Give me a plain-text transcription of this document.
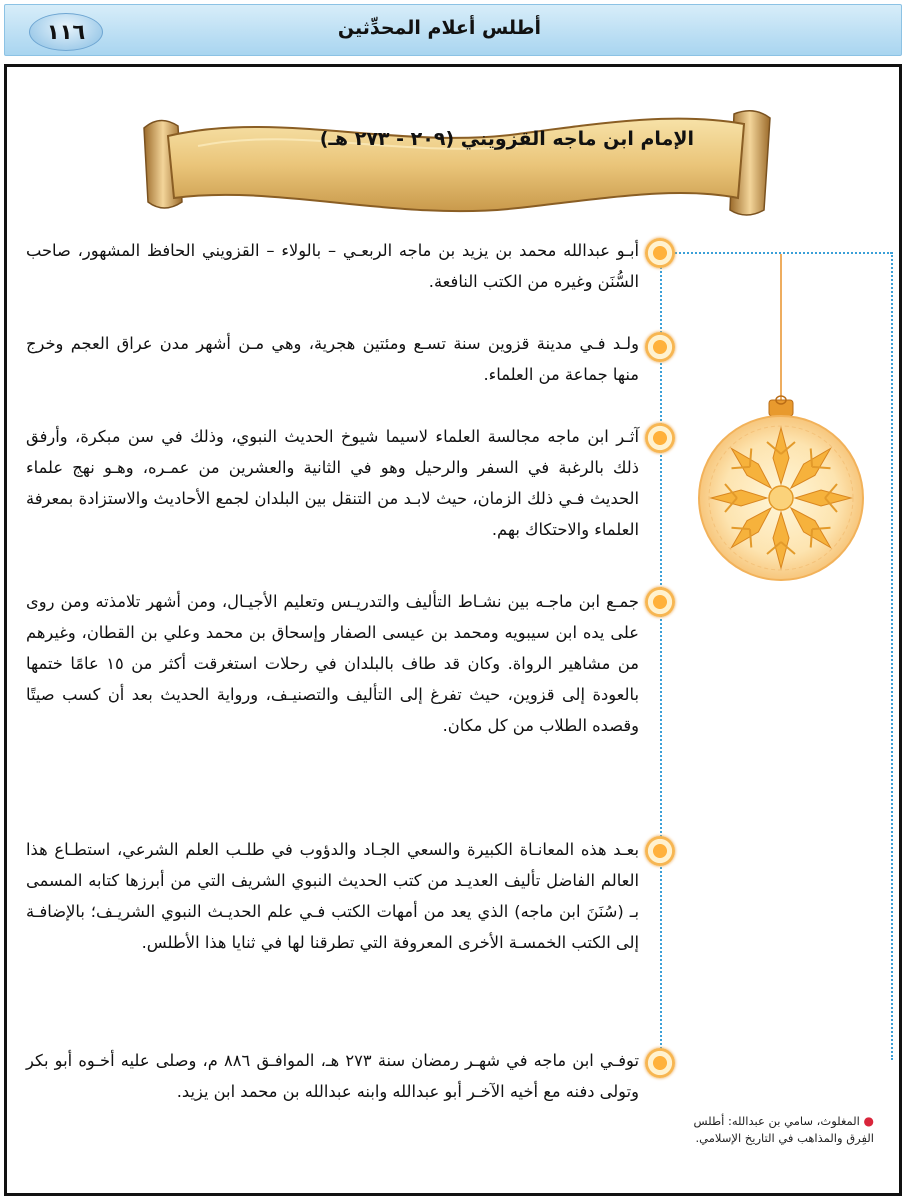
أطلس أعلام المحدِّثين
١١٦
الإمام ابن ماجه القزويني (٢٠٩ - ٢٧٣ هـ)
أبـو عبدالله محمد بن يزيد بن ماجه الربعـي – بالولاء – القزويني الحافظ المشهور، صاحب السُّنَن وغيره من الكتب النافعة.
ولـد فـي مدينة قزوين سنة تسـع ومئتين هجرية، وهي مـن أشهر مدن عراق العجم وخرج منها جماعة من العلماء.
آثـر ابن ماجه مجالسة العلماء لاسيما شيوخ الحديث النبوي، وذلك في سن مبكرة، وأرفق ذلك بالرغبة في السفر والرحيل وهو في الثانية والعشرين من عمـره، وهـو نهج علماء الحديث فـي ذلك الزمان، حيث لابـد من التنقل بين البلدان لجمع الأحاديث والاستزادة بمعرفة العلماء والاحتكاك بهم.
جمـع ابن ماجـه بين نشـاط التأليف والتدريـس وتعليم الأجيـال، ومن أشهر تلامذته ومن روى على يده ابن سيبويه ومحمد بن عيسى الصفار وإسحاق بن محمد وعلي بن القطان، وغيرهم من مشاهير الرواة. وكان قد طاف بالبلدان في رحلات استغرقت أكثر من ١٥ عامًا ختمها بالعودة إلى قزوين، حيث تفرغ إلى التأليف والتصنيـف، ورواية الحديث بعد أن كسب صيتًا وقصده الطلاب من كل مكان.
بعـد هذه المعانـاة الكبيرة والسعي الجـاد والدؤوب في طلـب العلم الشرعي، استطـاع هذا العالم الفاضل تأليف العديـد من كتب الحديث النبوي الشريف التي من أبرزها كتابه المسمى بـ (سُنَنَ ابن ماجه) الذي يعد من أمهات الكتب فـي علم الحديـث النبوي الشريـف؛ بالإضافـة إلى الكتب الخمسـة الأخرى المعروفة التي تطرقنا لها في ثنايا هذا الأطلس.
توفـي ابن ماجه في شهـر رمضان سنة ٢٧٣ هـ، الموافـق ٨٨٦ م، وصلى عليه أخـوه أبو بكر وتولى دفنه مع أخيه الآخـر أبو عبدالله وابنه عبدالله بن محمد ابن يزيد.
● المغلوث، سامي بن عبدالله: أطلس الفِرق والمذاهب في التاريخ الإسلامي.
